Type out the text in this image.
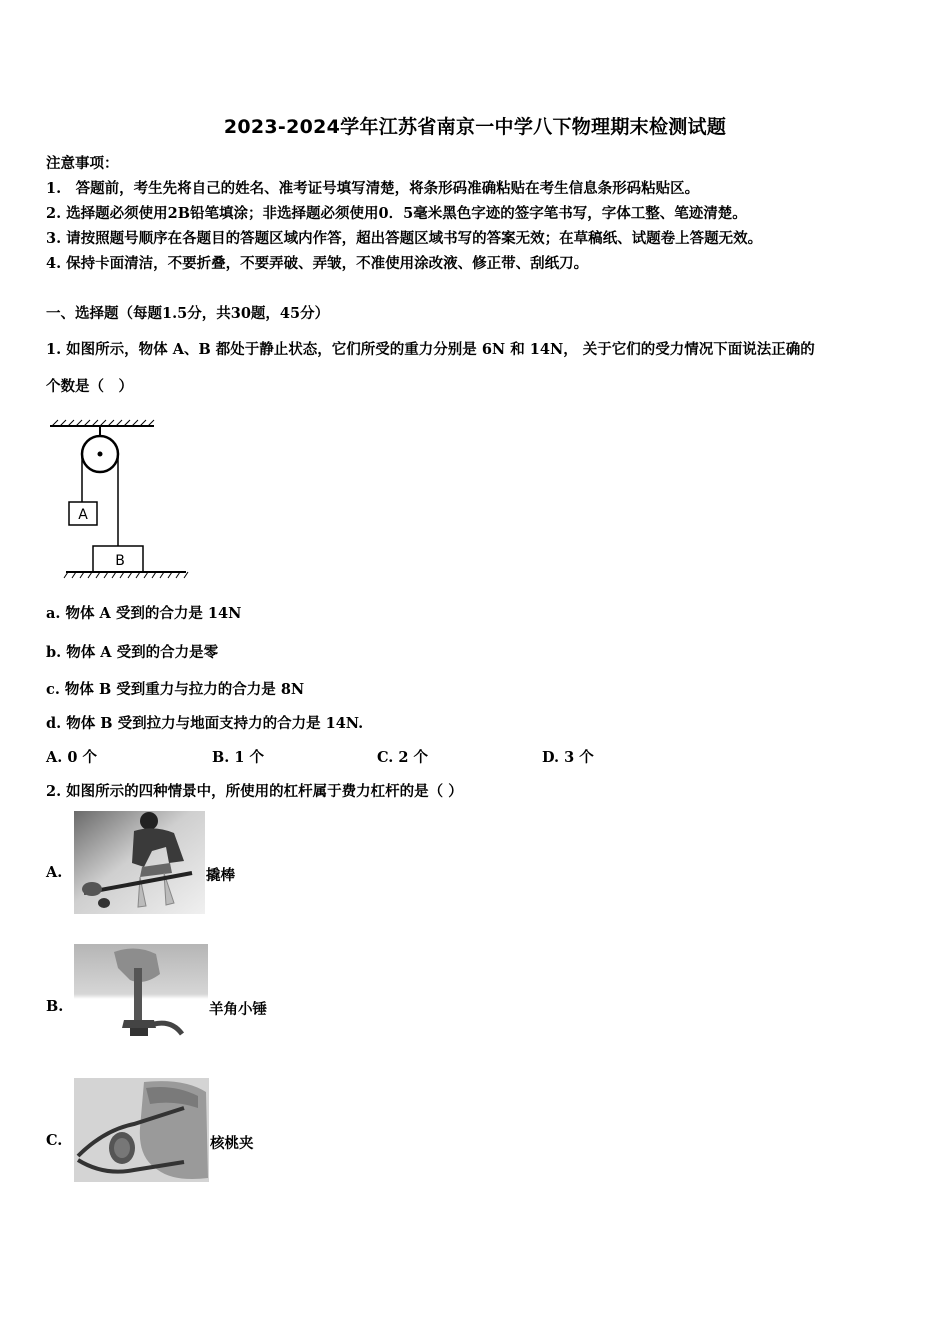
2023-2024学年江苏省南京一中学八下物理期末检测试题
注意事项：
1.　答题前，考生先将自己的姓名、准考证号填写清楚，将条形码准确粘贴在考生信息条形码粘贴区。
2. 选择题必须使用2B铅笔填涂；非选择题必须使用0．5毫米黑色字迹的签字笔书写，字体工整、笔迹清楚。
3. 请按照题号顺序在各题目的答题区域内作答，超出答题区域书写的答案无效；在草稿纸、试题卷上答题无效。
4. 保持卡面清洁，不要折叠，不要弄破、弄皱，不准使用涂改液、修正带、刮纸刀。
一、选择题（每题1.5分，共30题，45分）
1. 如图所示，物体 A、B 都处于静止状态，它们所受的重力分别是 6N 和 14N， 关于它们的受力情况下面说法正确的
个数是（　）
A
B
a. 物体 A 受到的合力是 14N
b. 物体 A 受到的合力是零
c. 物体 B 受到重力与拉力的合力是 8N
d. 物体 B 受到拉力与地面支持力的合力是 14N.
A. 0 个	B. 1 个	C. 2 个	D. 3 个
2. 如图所示的四种情景中，所使用的杠杆属于费力杠杆的是（ ）
A.	撬棒
B.	羊角小锤
C.	核桃夹
